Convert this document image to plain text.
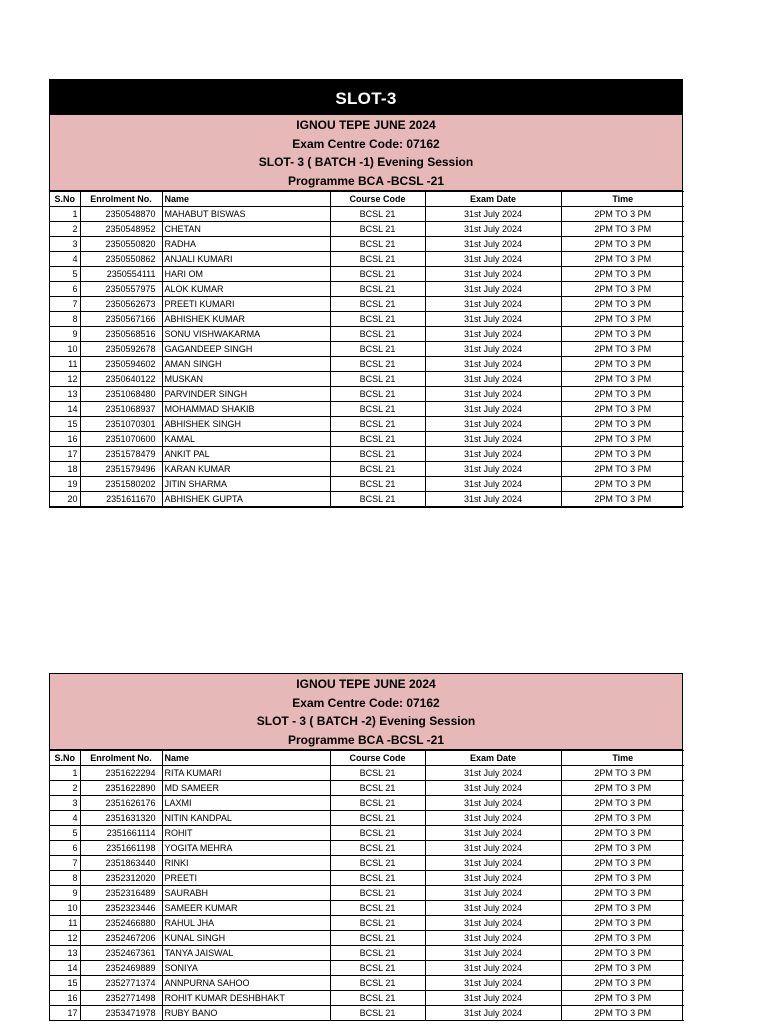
SLOT-3
IGNOU TEPE JUNE 2024
Exam Centre Code: 07162
SLOT- 3 ( BATCH -1) Evening Session
Programme BCA -BCSL -21
S.No	Enrolment No.	Name	Course Code	Exam Date	Time
1	2350548870	MAHABUT BISWAS	BCSL 21	31st July 2024	2PM TO 3 PM
2	2350548952	CHETAN	BCSL 21	31st July 2024	2PM TO 3 PM
3	2350550820	RADHA	BCSL 21	31st July 2024	2PM TO 3 PM
4	2350550862	ANJALI KUMARI	BCSL 21	31st July 2024	2PM TO 3 PM
5	2350554111	HARI OM	BCSL 21	31st July 2024	2PM TO 3 PM
6	2350557975	ALOK KUMAR	BCSL 21	31st July 2024	2PM TO 3 PM
7	2350562673	PREETI KUMARI	BCSL 21	31st July 2024	2PM TO 3 PM
8	2350567166	ABHISHEK KUMAR	BCSL 21	31st July 2024	2PM TO 3 PM
9	2350568516	SONU VISHWAKARMA	BCSL 21	31st July 2024	2PM TO 3 PM
10	2350592678	GAGANDEEP SINGH	BCSL 21	31st July 2024	2PM TO 3 PM
11	2350594602	AMAN SINGH	BCSL 21	31st July 2024	2PM TO 3 PM
12	2350640122	MUSKAN	BCSL 21	31st July 2024	2PM TO 3 PM
13	2351068480	PARVINDER SINGH	BCSL 21	31st July 2024	2PM TO 3 PM
14	2351068937	MOHAMMAD SHAKIB	BCSL 21	31st July 2024	2PM TO 3 PM
15	2351070301	ABHISHEK SINGH	BCSL 21	31st July 2024	2PM TO 3 PM
16	2351070600	KAMAL	BCSL 21	31st July 2024	2PM TO 3 PM
17	2351578479	ANKIT PAL	BCSL 21	31st July 2024	2PM TO 3 PM
18	2351579496	KARAN KUMAR	BCSL 21	31st July 2024	2PM TO 3 PM
19	2351580202	JITIN SHARMA	BCSL 21	31st July 2024	2PM TO 3 PM
20	2351611670	ABHISHEK GUPTA	BCSL 21	31st July 2024	2PM TO 3 PM
IGNOU TEPE JUNE 2024
Exam Centre Code: 07162
SLOT - 3 ( BATCH -2) Evening Session
Programme BCA -BCSL -21
S.No	Enrolment No.	Name	Course Code	Exam Date	Time
1	2351622294	RITA KUMARI	BCSL 21	31st July 2024	2PM TO 3 PM
2	2351622890	MD SAMEER	BCSL 21	31st July 2024	2PM TO 3 PM
3	2351626176	LAXMI	BCSL 21	31st July 2024	2PM TO 3 PM
4	2351631320	NITIN KANDPAL	BCSL 21	31st July 2024	2PM TO 3 PM
5	2351661114	ROHIT	BCSL 21	31st July 2024	2PM TO 3 PM
6	2351661198	YOGITA MEHRA	BCSL 21	31st July 2024	2PM TO 3 PM
7	2351863440	RINKI	BCSL 21	31st July 2024	2PM TO 3 PM
8	2352312020	PREETI	BCSL 21	31st July 2024	2PM TO 3 PM
9	2352316489	SAURABH	BCSL 21	31st July 2024	2PM TO 3 PM
10	2352323446	SAMEER KUMAR	BCSL 21	31st July 2024	2PM TO 3 PM
11	2352466880	RAHUL JHA	BCSL 21	31st July 2024	2PM TO 3 PM
12	2352467206	KUNAL SINGH	BCSL 21	31st July 2024	2PM TO 3 PM
13	2352467361	TANYA JAISWAL	BCSL 21	31st July 2024	2PM TO 3 PM
14	2352469889	SONIYA	BCSL 21	31st July 2024	2PM TO 3 PM
15	2352771374	ANNPURNA SAHOO	BCSL 21	31st July 2024	2PM TO 3 PM
16	2352771498	ROHIT KUMAR DESHBHAKT	BCSL 21	31st July 2024	2PM TO 3 PM
17	2353471978	RUBY BANO	BCSL 21	31st July 2024	2PM TO 3 PM
